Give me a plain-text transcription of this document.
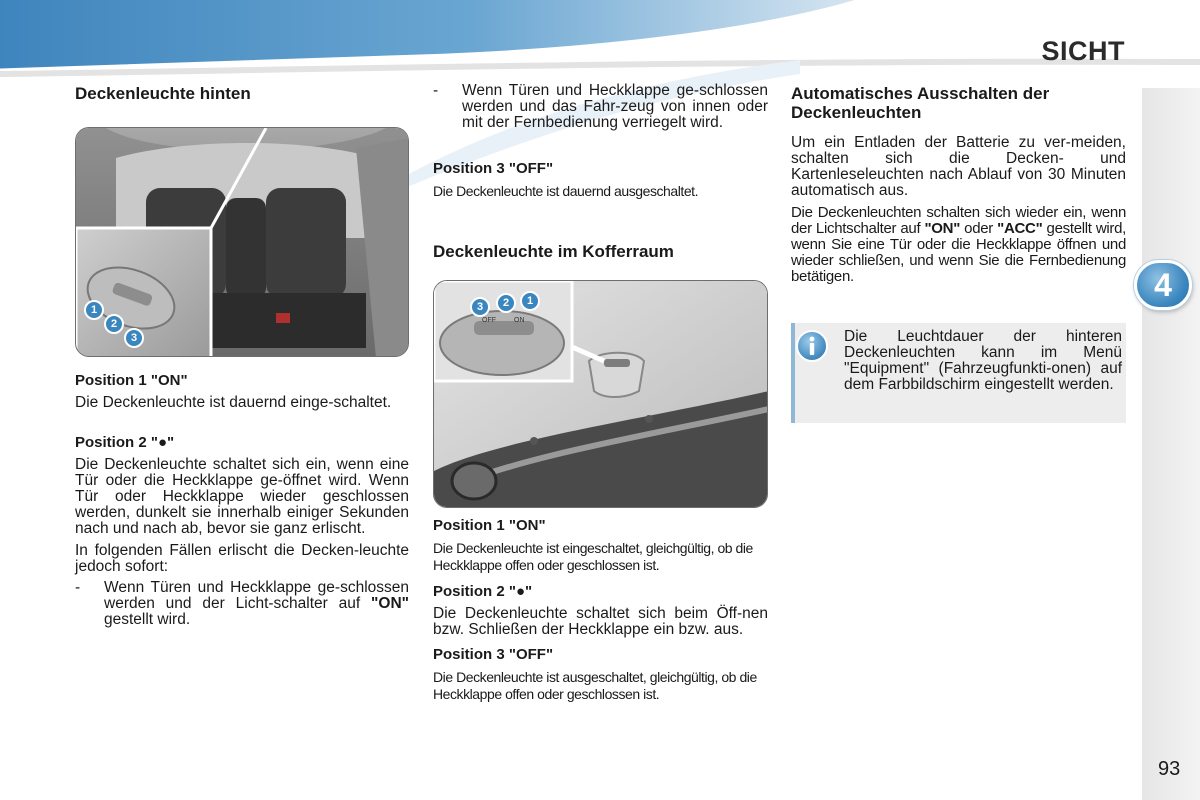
SICHT
4
Deckenleuchte hinten
1
2
3
Position 1 "ON"
Die Deckenleuchte ist dauernd einge-schaltet.
Position 2 "●"
Die Deckenleuchte schaltet sich ein, wenn eine Tür oder die Heckklappe ge-öffnet wird. Wenn Tür oder Heckklappe wieder geschlossen werden, dunkelt sie innerhalb einiger Sekunden nach und nach ab, bevor sie ganz erlischt.
In folgenden Fällen erlischt die Decken-leuchte jedoch sofort:
- Wenn Türen und Heckklappe ge-schlossen werden und der Licht-schalter auf "ON" gestellt wird.
- Wenn Türen und Heckklappe ge-schlossen werden und das Fahr-zeug von innen oder mit der Fernbedienung verriegelt wird.
Position 3 "OFF"
Die Deckenleuchte ist dauernd ausgeschaltet.
Deckenleuchte im Kofferraum
3	2	1
OFF	ON
Position 1 "ON"
Die Deckenleuchte ist eingeschaltet, gleichgültig, ob die Heckklappe offen oder geschlossen ist.
Position 2 "●"
Die Deckenleuchte schaltet sich beim Öff-nen bzw. Schließen der Heckklappe ein bzw. aus.
Position 3 "OFF"
Die Deckenleuchte ist ausgeschaltet, gleichgültig, ob die Heckklappe offen oder geschlossen ist.
Automatisches Ausschalten der Deckenleuchten
Um ein Entladen der Batterie zu ver-meiden, schalten sich die Decken- und Kartenleseleuchten nach Ablauf von 30 Minuten automatisch aus.
Die Deckenleuchten schalten sich wieder ein, wenn der Lichtschalter auf "ON" oder "ACC" gestellt wird, wenn Sie eine Tür oder die Heckklappe öffnen und wieder schließen, und wenn Sie die Fernbedienung betätigen.
Die Leuchtdauer der hinteren Deckenleuchten kann im Menü "Equipment" (Fahrzeugfunkti-onen) auf dem Farbbildschirm eingestellt werden.
93
